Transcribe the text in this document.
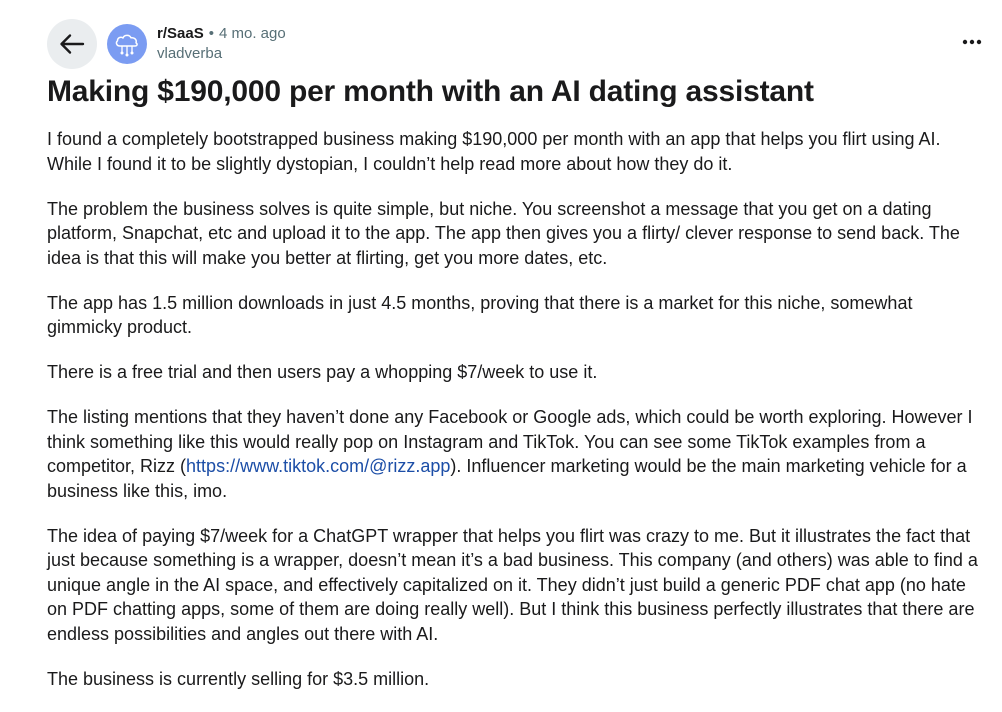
r/SaaS • 4 mo. ago
vladverba
Making $190,000 per month with an AI dating assistant

I found a completely bootstrapped business making $190,000 per month with an app that helps you flirt using AI. While I found it to be slightly dystopian, I couldn’t help read more about how they do it.

The problem the business solves is quite simple, but niche. You screenshot a message that you get on a dating platform, Snapchat, etc and upload it to the app. The app then gives you a flirty/ clever response to send back. The idea is that this will make you better at flirting, get you more dates, etc.

The app has 1.5 million downloads in just 4.5 months, proving that there is a market for this niche, somewhat gimmicky product.

There is a free trial and then users pay a whopping $7/week to use it.

The listing mentions that they haven’t done any Facebook or Google ads, which could be worth exploring. However I think something like this would really pop on Instagram and TikTok. You can see some TikTok examples from a competitor, Rizz (https://www.tiktok.com/@rizz.app). Influencer marketing would be the main marketing vehicle for a business like this, imo.

The idea of paying $7/week for a ChatGPT wrapper that helps you flirt was crazy to me. But it illustrates the fact that just because something is a wrapper, doesn’t mean it’s a bad business. This company (and others) was able to find a unique angle in the AI space, and effectively capitalized on it. They didn’t just build a generic PDF chat app (no hate on PDF chatting apps, some of them are doing really well). But I think this business perfectly illustrates that there are endless possibilities and angles out there with AI.

The business is currently selling for $3.5 million.
